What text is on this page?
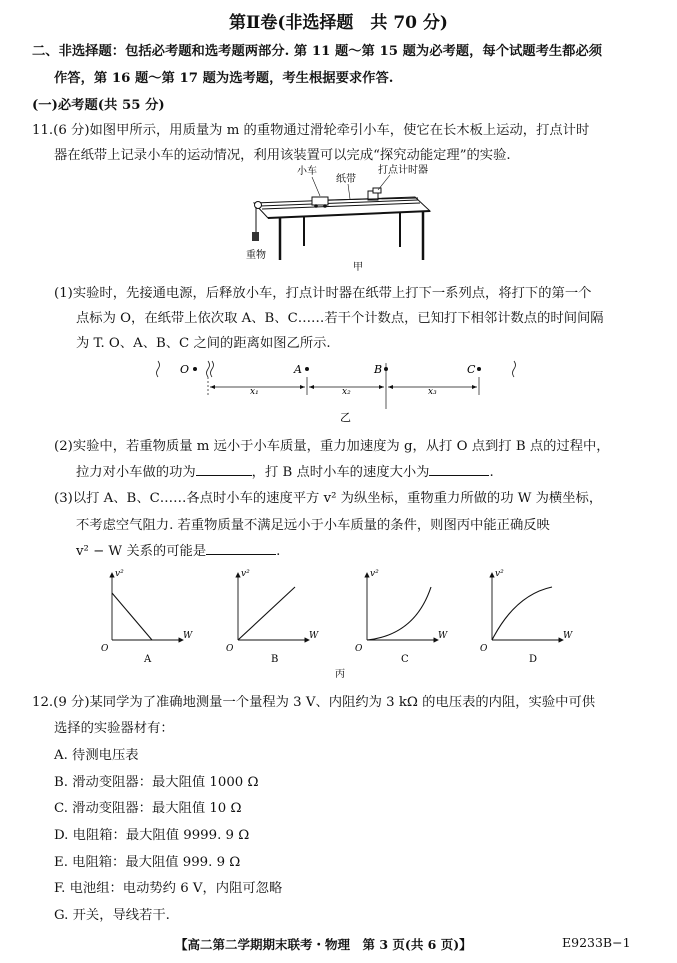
第Ⅱ卷(非选择题　共 70 分)
二、非选择题：包括必考题和选考题两部分. 第 11 题～第 15 题为必考题，每个试题考生都必须
作答，第 16 题～第 17 题为选考题，考生根据要求作答.
(一)必考题(共 55 分)
11.(6 分)如图甲所示，用质量为 m 的重物通过滑轮牵引小车，使它在长木板上运动，打点计时
器在纸带上记录小车的运动情况，利用该装置可以完成“探究动能定理”的实验.
小车
纸带
打点计时器
重物
甲
(1)实验时，先接通电源，后释放小车，打点计时器在纸带上打下一系列点，将打下的第一个
点标为 O，在纸带上依次取 A、B、C……若干个计数点，已知打下相邻计数点的时间间隔
为 T. O、A、B、C 之间的距离如图乙所示.
O	A	B	C
x₁	x₂	x₃
乙
(2)实验中，若重物质量 m 远小于小车质量，重力加速度为 g，从打 O 点到打 B 点的过程中，
拉力对小车做的功为	，打 B 点时小车的速度大小为	.
(3)以打 A、B、C……各点时小车的速度平方 v² 为纵坐标，重物重力所做的功 W 为横坐标，
不考虑空气阻力. 若重物质量不满足远小于小车质量的条件，则图丙中能正确反映
v² − W 关系的可能是	.
v²
W
O
A
v²
W
O
B
v²
W
O
C
v²
W
O
D
丙
12.(9 分)某同学为了准确地测量一个量程为 3 V、内阻约为 3 kΩ 的电压表的内阻，实验中可供
选择的实验器材有：
A. 待测电压表
B. 滑动变阻器：最大阻值 1000 Ω
C. 滑动变阻器：最大阻值 10 Ω
D. 电阻箱：最大阻值 9999. 9 Ω
E. 电阻箱：最大阻值 999. 9 Ω
F. 电池组：电动势约 6 V，内阻可忽略
G. 开关，导线若干.
【高二第二学期期末联考・物理　第 3 页(共 6 页)】	E9233B−1
